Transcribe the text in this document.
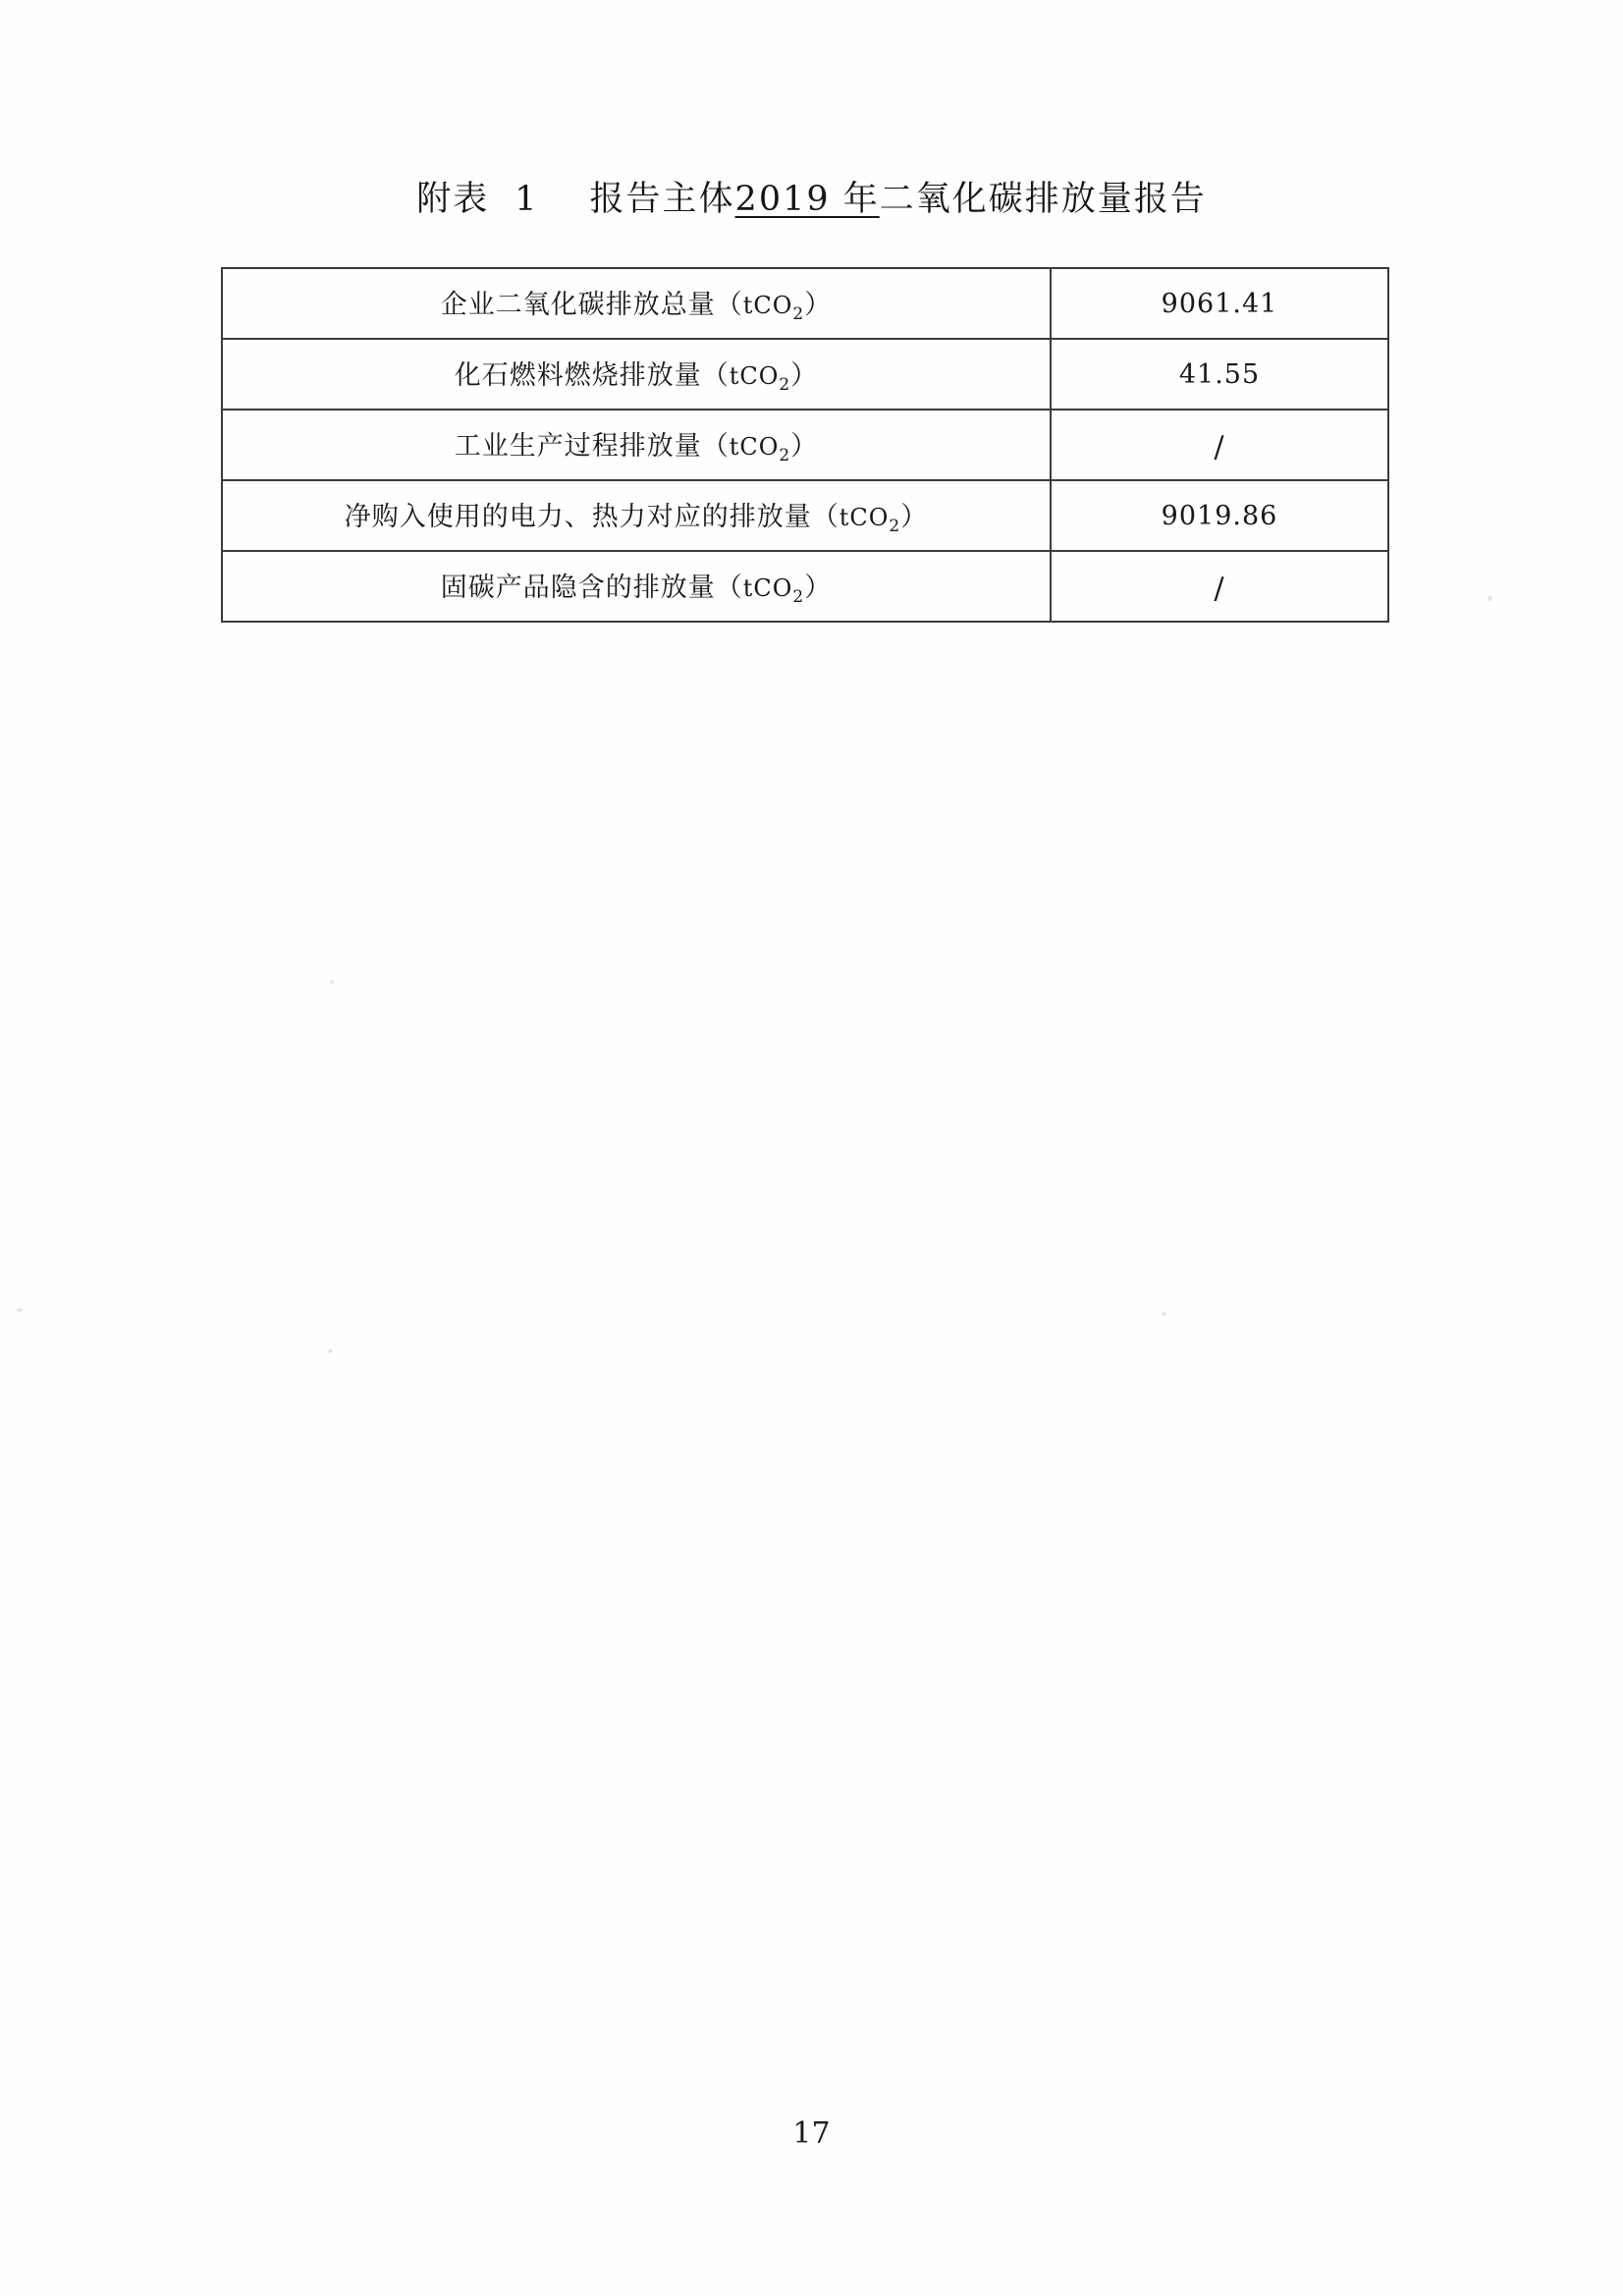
附表 1 报告主体2019 年二氧化碳排放量报告
企业二氧化碳排放总量（tCO$_2$）	9061.41
化石燃料燃烧排放量（tCO$_2$）	41.55
工业生产过程排放量（tCO$_2$）	/
净购入使用的电力、热力对应的排放量（tCO$_2$）	9019.86
固碳产品隐含的排放量（tCO$_2$）	/
17
